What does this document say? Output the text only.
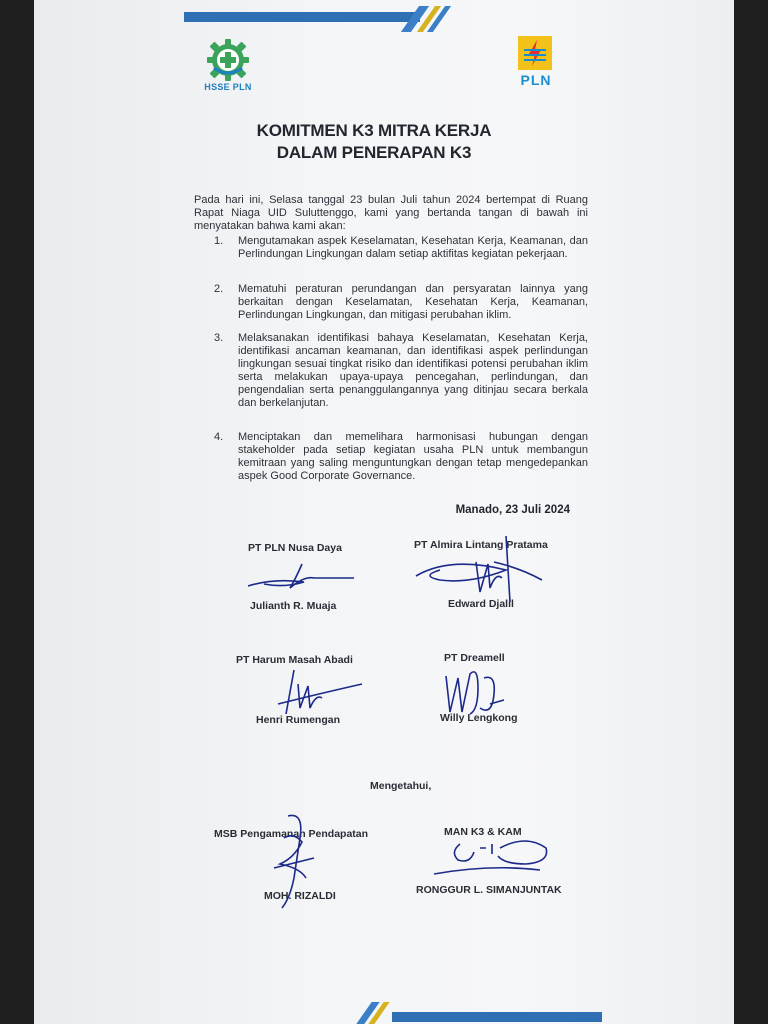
HSSE PLN	PLN
KOMITMEN K3 MITRA KERJA
DALAM PENERAPAN K3
Pada hari ini, Selasa tanggal 23 bulan Juli tahun 2024 bertempat di Ruang Rapat Niaga UID Suluttenggo, kami yang bertanda tangan di bawah ini menyatakan bahwa kami akan:
1.	Mengutamakan aspek Keselamatan, Kesehatan Kerja, Keamanan, dan Perlindungan Lingkungan dalam setiap aktifitas kegiatan pekerjaan.
2.	Mematuhi peraturan perundangan dan persyaratan lainnya yang berkaitan dengan Keselamatan, Kesehatan Kerja, Keamanan, Perlindungan Lingkungan, dan mitigasi perubahan iklim.
3.	Melaksanakan identifikasi bahaya Keselamatan, Kesehatan Kerja, identifikasi ancaman keamanan, dan identifikasi aspek perlindungan lingkungan sesuai tingkat risiko dan identifikasi potensi perubahan iklim serta melakukan upaya-upaya pencegahan, perlindungan, dan pengendalian serta penanggulangannya yang ditinjau secara berkala dan berkelanjutan.
4.	Menciptakan dan memelihara harmonisasi hubungan dengan stakeholder pada setiap kegiatan usaha PLN untuk membangun kemitraan yang saling menguntungkan dengan tetap mengedepankan aspek Good Corporate Governance.
Manado, 23 Juli 2024
PT PLN Nusa Daya
Julianth R. Muaja
PT Almira Lintang Pratama
Edward Djalil
PT Harum Masah Abadi
Henri Rumengan
PT Dreamell
Willy Lengkong
Mengetahui,
MSB Pengamanan Pendapatan
MOH. RIZALDI
MAN K3 & KAM
RONGGUR L. SIMANJUNTAK
